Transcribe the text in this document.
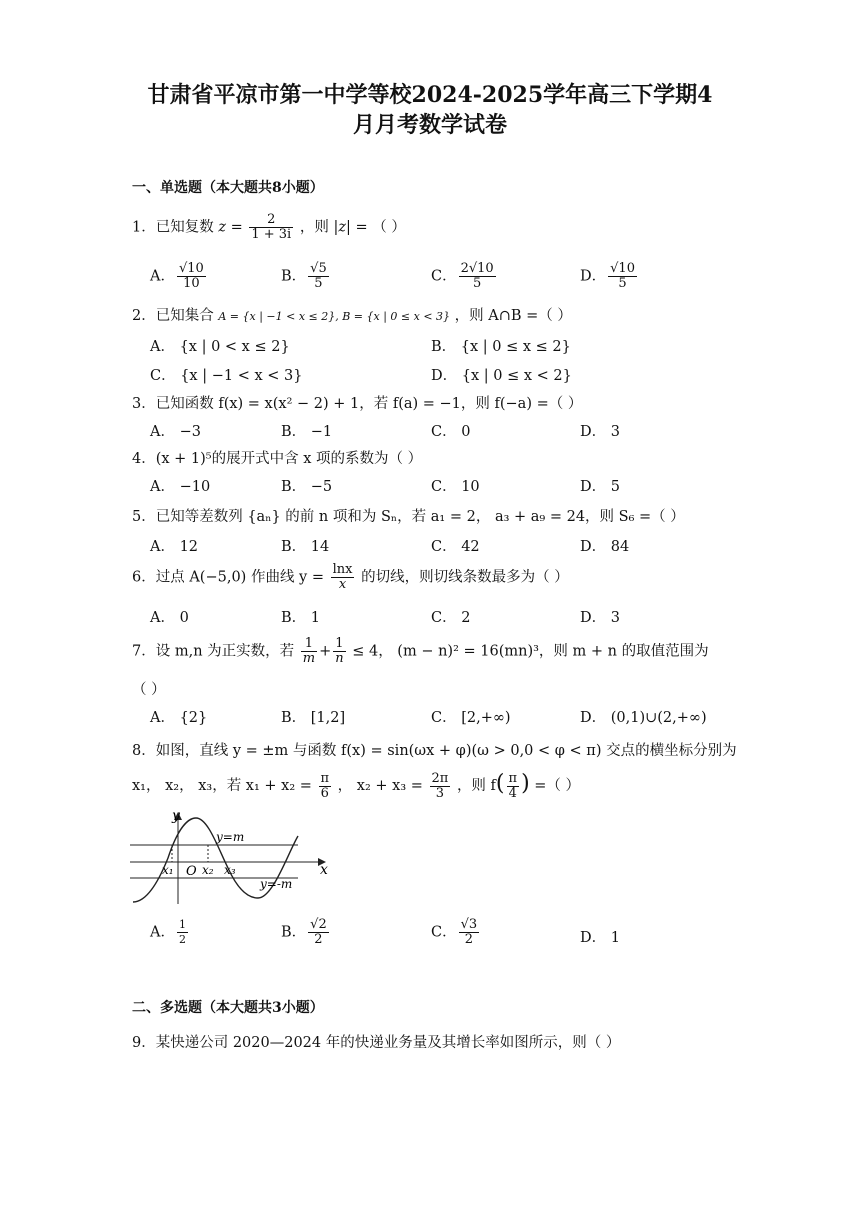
甘肃省平凉市第一中学等校2024-2025学年高三下学期4
月月考数学试卷
一、单选题（本大题共8小题）
1．已知复数 $z = \frac{2}{1 + 3i}$ ，则 |z| = （ ）
A． $\frac{√10}{10}$	B． $\frac{√5}{5}$	C． $\frac{2√10}{5}$	D． $\frac{√10}{5}$
2．已知集合 A = {x | −1 < x ≤ 2}, B = {x | 0 ≤ x < 3} ，则 A∩B =（ ）
A． {x | 0 < x ≤ 2}	B． {x | 0 ≤ x ≤ 2}
C． {x | −1 < x < 3}	D． {x | 0 ≤ x < 2}
3．已知函数 f(x) = x(x² − 2) + 1，若 f(a) = −1，则 f(−a) =（ ）
A． −3	B． −1	C． 0	D． 3
4．(x + 1)⁵的展开式中含 x 项的系数为（ ）
A． −10	B． −5	C． 10	D． 5
5．已知等差数列 {aₙ} 的前 n 项和为 Sₙ，若 a₁ = 2， a₃ + a₉ = 24，则 S₆ =（ ）
A． 12	B． 14	C． 42	D． 84
6．过点 A(−5,0) 作曲线 $y = \frac{\ln x}{x}$ 的切线，则切线条数最多为（ ）
A． 0	B． 1	C． 2	D． 3
7．设 m,n 为正实数，若 $\frac{1}{m} + \frac{1}{n} \le 4$， (m − n)² = 16(mn)³，则 m + n 的取值范围为
（ ）
A． {2}	B． [1,2]	C． [2,+∞)	D． (0,1)∪(2,+∞)
8．如图，直线 y = ±m 与函数 f(x) = sin(ωx + φ)(ω > 0,0 < φ < π) 交点的横坐标分别为
x₁， x₂， x₃，若 $x_1 + x_2 = \frac{\pi}{6}$ ， $x_2 + x_3 = \frac{2\pi}{3}$ ，则 $f( \frac{\pi}{4}$ ) =（ ）
y
x
O
y=m
y=-m
x₁ x₂ x₃
A． $\frac{1}{2}$	B． $\frac{√2}{2}$	C． $\frac{√3}{2}$	D． 1
二、多选题（本大题共3小题）
9．某快递公司 2020—2024 年的快递业务量及其增长率如图所示，则（ ）
